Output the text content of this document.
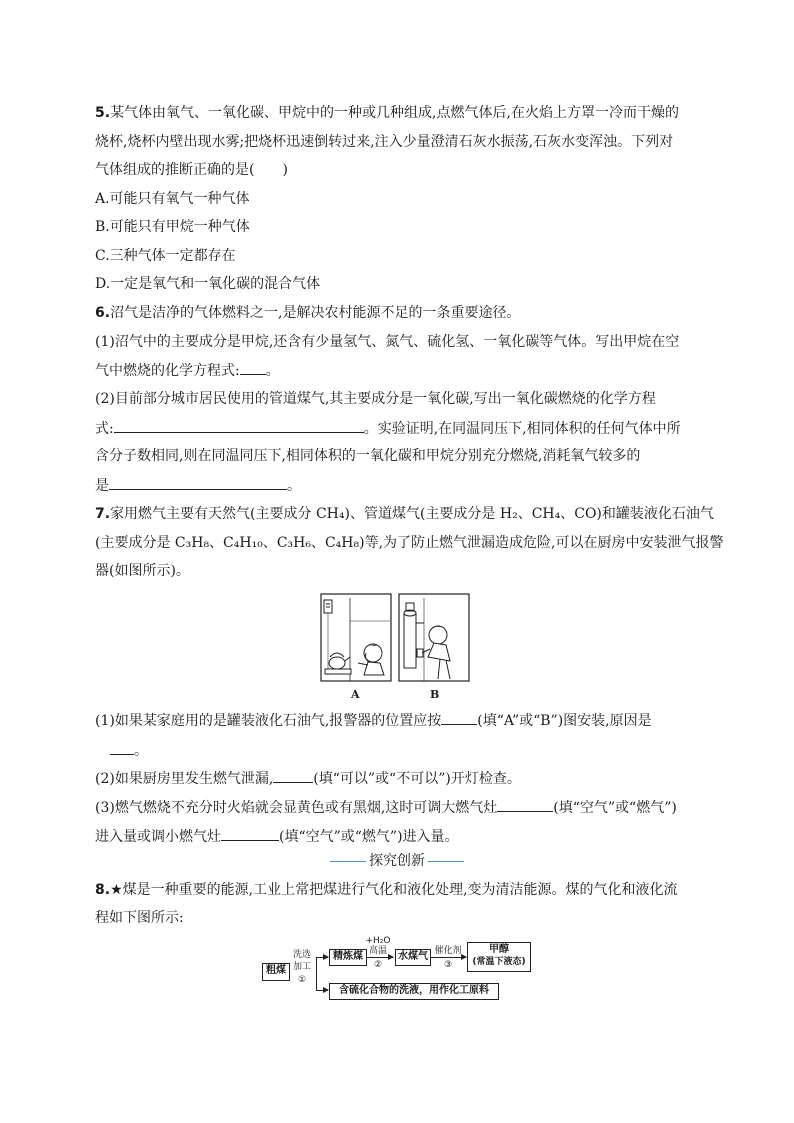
5.某气体由氧气、一氧化碳、甲烷中的一种或几种组成,点燃气体后,在火焰上方罩一冷而干燥的
烧杯,烧杯内壁出现水雾;把烧杯迅速倒转过来,注入少量澄清石灰水振荡,石灰水变浑浊。下列对
气体组成的推断正确的是(　　)
A.可能只有氧气一种气体
B.可能只有甲烷一种气体
C.三种气体一定都存在
D.一定是氧气和一氧化碳的混合气体
6.沼气是洁净的气体燃料之一,是解决农村能源不足的一条重要途径。
(1)沼气中的主要成分是甲烷,还含有少量氢气、氮气、硫化氢、一氧化碳等气体。写出甲烷在空
气中燃烧的化学方程式: 。
(2)目前部分城市居民使用的管道煤气,其主要成分是一氧化碳,写出一氧化碳燃烧的化学方程
式:	。实验证明,在同温同压下,相同体积的任何气体中所
含分子数相同,则在同温同压下,相同体积的一氧化碳和甲烷分别充分燃烧,消耗氧气较多的
是	。
7.家用燃气主要有天然气(主要成分 CH₄)、管道煤气(主要成分是 H₂、CH₄、CO)和罐装液化石油气
(主要成分是 C₃H₈、C₄H₁₀、C₃H₆、C₄H₈)等,为了防止燃气泄漏造成危险,可以在厨房中安装泄气报警
器(如图所示)。
A	B
(1)如果某家庭用的是罐装液化石油气,报警器的位置应按	(填“A”或“B”)图安装,原因是
。
(2)如果厨房里发生燃气泄漏,	(填“可以”或“不可以”)开灯检查。
(3)燃气燃烧不充分时火焰就会显黄色或有黑烟,这时可调大燃气灶	(填“空气”或“燃气”)
进入量或调小燃气灶	(填“空气”或“燃气”)进入量。
探究创新
8.★煤是一种重要的能源,工业上常把煤进行气化和液化处理,变为清洁能源。煤的气化和液化流
程如下图所示:
粗煤
洗选
加工
①
精炼煤
+H₂O
高温
②
水煤气 催化剂
③
甲醇
(常温下液态)
含硫化合物的洗液，用作化工原料
